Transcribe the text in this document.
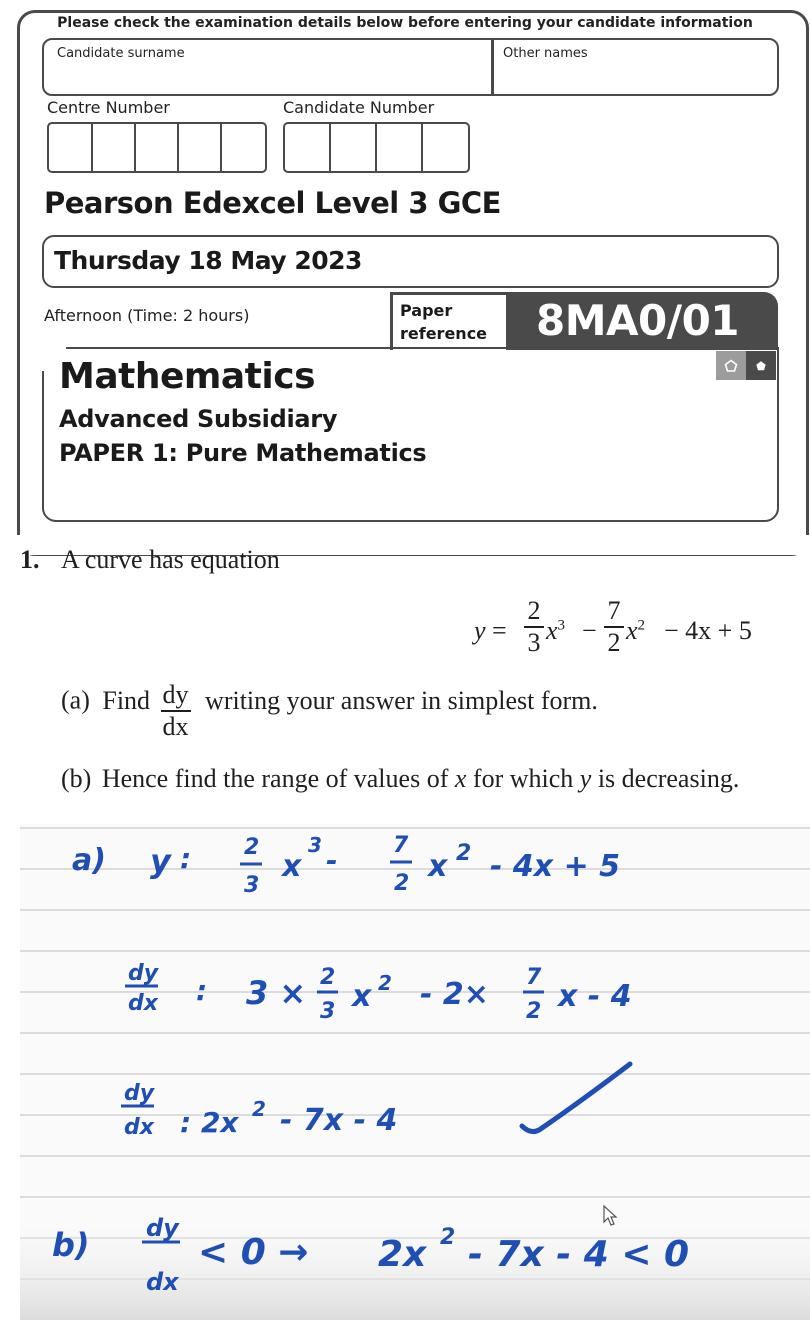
Please check the examination details below before entering your candidate information
Candidate surname	Other names
Centre Number	Candidate Number
Pearson Edexcel Level 3 GCE
Thursday 18 May 2023
Afternoon (Time: 2 hours)	Paper
reference	8MA0/01
Mathematics
Advanced Subsidiary
PAPER 1: Pure Mathematics
1. A curve has equation
y =
2
3 $x^3$ −
7
2 $x^2 - 4x + 5$
(a) Find $\frac{dy}{dx}$ writing your answer in simplest form.
(b) Hence find the range of values of x for which y is decreasing.
a) y : 2
3
x
3 -	7
2 x 2 - 4x + 5
dy
dx : 3 × 2
3 x 2 - 2× 7
2 x - 4
dy
dx : 2x 2 - 7x - 4
b) dy
dx
< 0 → 2x 2 - 7x - 4 < 0
